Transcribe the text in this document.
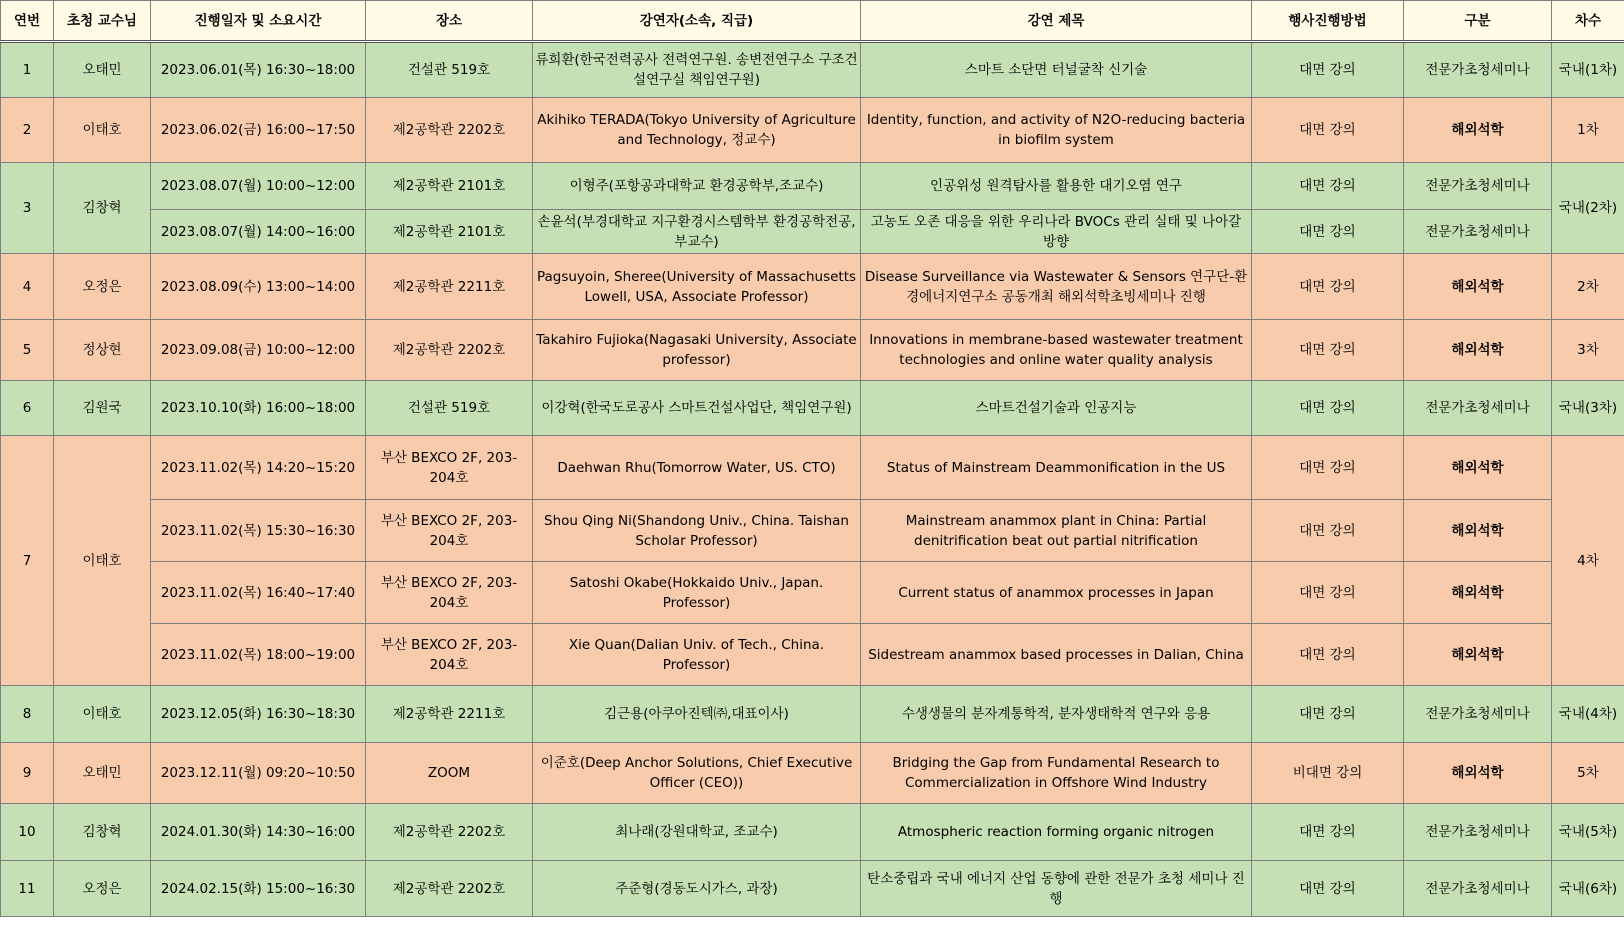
연번	초청 교수님	진행일자 및 소요시간	장소	강연자(소속, 직급)	강연 제목	행사진행방법	구분	차수
1	오태민	2023.06.01(목) 16:30~18:00	건설관 519호	류희환(한국전력공사 전력연구원. 송변전연구소 구조건설연구실 책임연구원)	스마트 소단면 터널굴착 신기술	대면 강의	전문가초청세미나	국내(1차)
2	이태호	2023.06.02(금) 16:00~17:50	제2공학관 2202호	Akihiko TERADA(Tokyo University of Agriculture and Technology, 정교수)	Identity, function, and activity of N2O-reducing bacteria in biofilm system	대면 강의	해외석학	1차
3	김창혁	2023.08.07(월) 10:00~12:00	제2공학관 2101호	이형주(포항공과대학교 환경공학부,조교수)	인공위성 원격탐사를 활용한 대기오염 연구	대면 강의	전문가초청세미나	국내(2차)
		2023.08.07(월) 14:00~16:00	제2공학관 2101호	손윤석(부경대학교 지구환경시스템학부 환경공학전공, 부교수)	고농도 오존 대응을 위한 우리나라 BVOCs 관리 실태 및 나아갈 방향	대면 강의	전문가초청세미나	
4	오정은	2023.08.09(수) 13:00~14:00	제2공학관 2211호	Pagsuyoin, Sheree(University of Massachusetts Lowell, USA, Associate Professor)	Disease Surveillance via Wastewater & Sensors 연구단-환경에너지연구소 공동개최 해외석학초빙세미나 진행	대면 강의	해외석학	2차
5	정상현	2023.09.08(금) 10:00~12:00	제2공학관 2202호	Takahiro Fujioka(Nagasaki University, Associate professor)	Innovations in membrane-based wastewater treatment technologies and online water quality analysis	대면 강의	해외석학	3차
6	김원국	2023.10.10(화) 16:00~18:00	건설관 519호	이강혁(한국도로공사 스마트건설사업단, 책임연구원)	스마트건설기술과 인공지능	대면 강의	전문가초청세미나	국내(3차)
7	이태호	2023.11.02(목) 14:20~15:20	부산 BEXCO 2F, 203-204호	Daehwan Rhu(Tomorrow Water, US. CTO)	Status of Mainstream Deammonification in the US	대면 강의	해외석학	4차
		2023.11.02(목) 15:30~16:30	부산 BEXCO 2F, 203-204호	Shou Qing Ni(Shandong Univ., China. Taishan Scholar Professor)	Mainstream anammox plant in China: Partial denitrification beat out partial nitrification	대면 강의	해외석학	
		2023.11.02(목) 16:40~17:40	부산 BEXCO 2F, 203-204호	Satoshi Okabe(Hokkaido Univ., Japan. Professor)	Current status of anammox processes in Japan	대면 강의	해외석학	
		2023.11.02(목) 18:00~19:00	부산 BEXCO 2F, 203-204호	Xie Quan(Dalian Univ. of Tech., China. Professor)	Sidestream anammox based processes in Dalian, China	대면 강의	해외석학	
8	이태호	2023.12.05(화) 16:30~18:30	제2공학관 2211호	김근용(아쿠아진텍㈜,대표이사)	수생생물의 분자계통학적, 분자생태학적 연구와 응용	대면 강의	전문가초청세미나	국내(4차)
9	오태민	2023.12.11(월) 09:20~10:50	ZOOM	이준호(Deep Anchor Solutions, Chief Executive Officer (CEO))	Bridging the Gap from Fundamental Research to Commercialization in Offshore Wind Industry	비대면 강의	해외석학	5차
10	김창혁	2024.01.30(화) 14:30~16:00	제2공학관 2202호	최나래(강원대학교, 조교수)	Atmospheric reaction forming organic nitrogen	대면 강의	전문가초청세미나	국내(5차)
11	오정은	2024.02.15(화) 15:00~16:30	제2공학관 2202호	주준형(경동도시가스, 과장)	탄소중립과 국내 에너지 산업 동향에 관한 전문가 초청 세미나 진행	대면 강의	전문가초청세미나	국내(6차)
